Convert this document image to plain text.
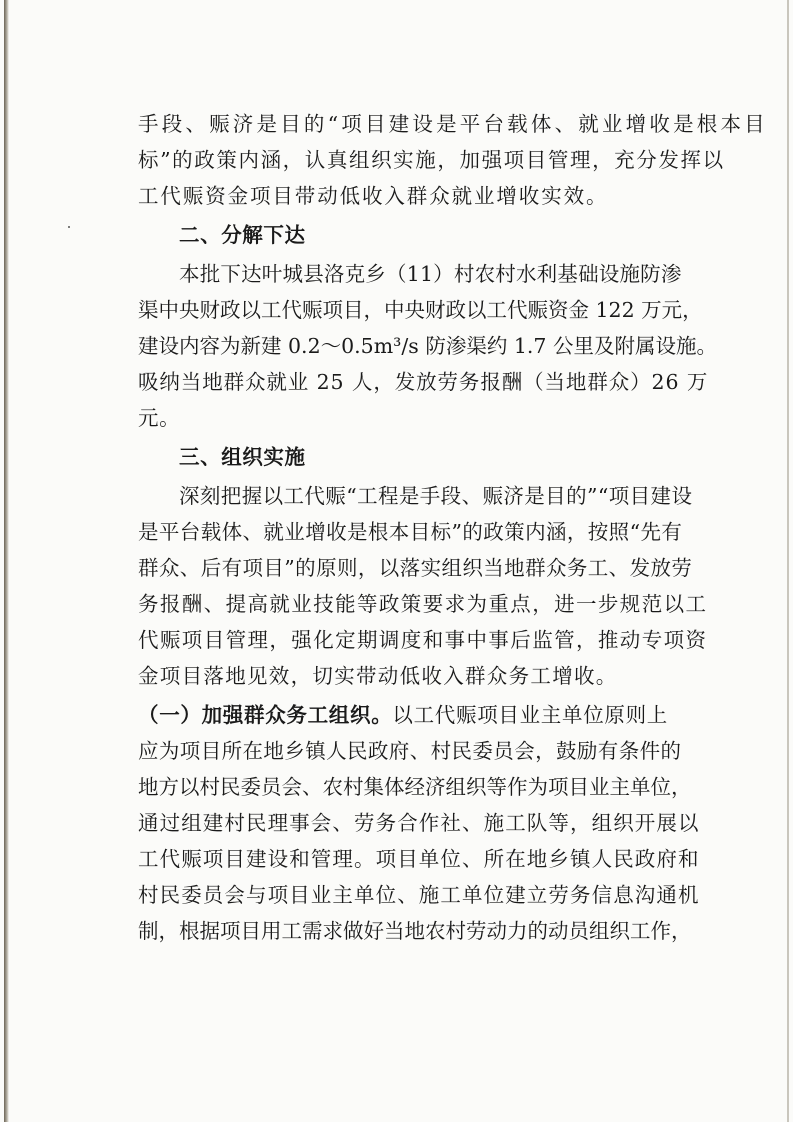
手段、赈济是目的“项目建设是平台载体、就业增收是根本目
标”的政策内涵，认真组织实施，加强项目管理，充分发挥以
工代赈资金项目带动低收入群众就业增收实效。
二、分解下达
本批下达叶城县洛克乡（11）村农村水利基础设施防渗
渠中央财政以工代赈项目，中央财政以工代赈资金 122 万元，
建设内容为新建 0.2～0.5m³/s 防渗渠约 1.7 公里及附属设施。
吸纳当地群众就业 25 人，发放劳务报酬（当地群众）26 万
元。
三、组织实施
深刻把握以工代赈“工程是手段、赈济是目的”“项目建设
是平台载体、就业增收是根本目标”的政策内涵，按照“先有
群众、后有项目”的原则，以落实组织当地群众务工、发放劳
务报酬、提高就业技能等政策要求为重点，进一步规范以工
代赈项目管理，强化定期调度和事中事后监管，推动专项资
金项目落地见效，切实带动低收入群众务工增收。
（一）加强群众务工组织。以工代赈项目业主单位原则上
应为项目所在地乡镇人民政府、村民委员会，鼓励有条件的
地方以村民委员会、农村集体经济组织等作为项目业主单位，
通过组建村民理事会、劳务合作社、施工队等，组织开展以
工代赈项目建设和管理。项目单位、所在地乡镇人民政府和
村民委员会与项目业主单位、施工单位建立劳务信息沟通机
制，根据项目用工需求做好当地农村劳动力的动员组织工作，
